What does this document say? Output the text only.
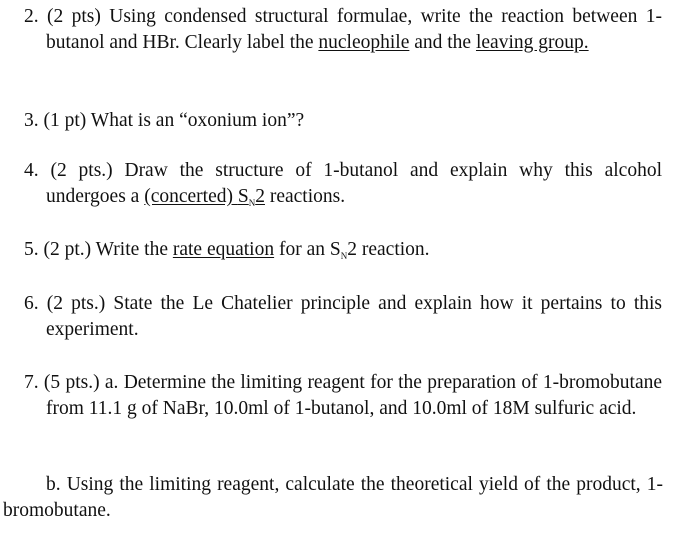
2. (2 pts) Using condensed structural formulae, write the reaction between 1-butanol and HBr. Clearly label the nucleophile and the leaving group.
3. (1 pt) What is an “oxonium ion”?
4. (2 pts.) Draw the structure of 1-butanol and explain why this alcohol undergoes a (concerted) $S_N2$ reactions.
5. (2 pt.) Write the rate equation for an $S_N2$ reaction.
6. (2 pts.) State the Le Chatelier principle and explain how it pertains to this experiment.
7. (5 pts.) a. Determine the limiting reagent for the preparation of 1-bromobutane from 11.1 g of NaBr, 10.0ml of 1-butanol, and 10.0ml of 18M sulfuric acid.
b. Using the limiting reagent, calculate the theoretical yield of the product, 1-bromobutane.
